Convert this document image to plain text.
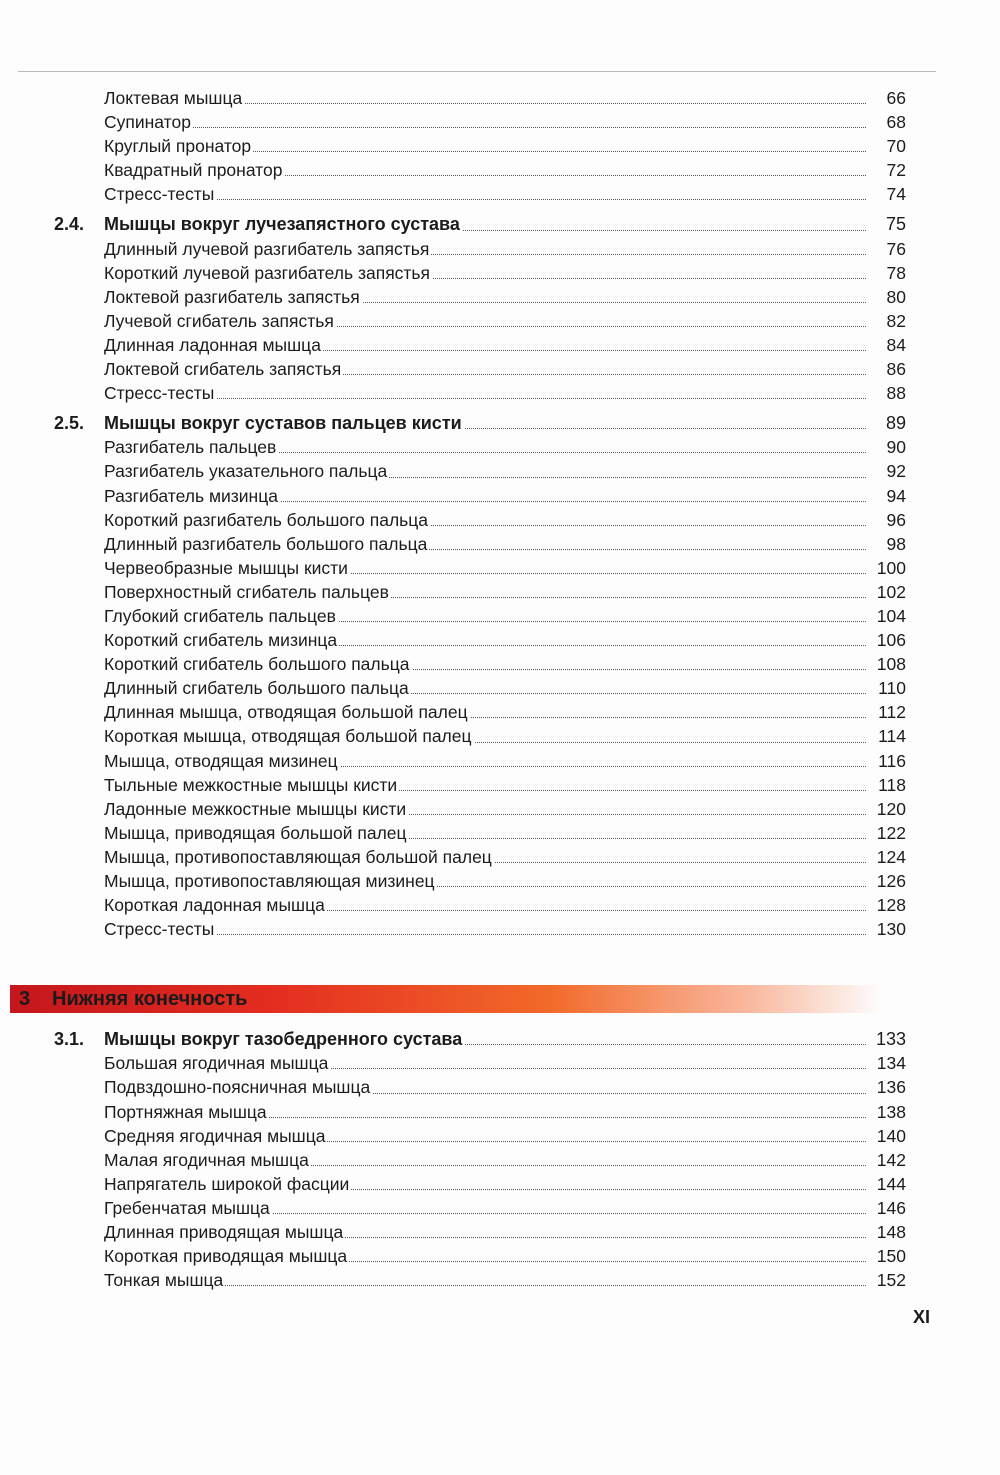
Локтевая мышца	66
Супинатор	68
Круглый пронатор	70
Квадратный пронатор	72
Стресс-тесты	74
2.4. Мышцы вокруг лучезапястного сустава	75
Длинный лучевой разгибатель запястья	76
Короткий лучевой разгибатель запястья	78
Локтевой разгибатель запястья	80
Лучевой сгибатель запястья	82
Длинная ладонная мышца	84
Локтевой сгибатель запястья	86
Стресс-тесты	88
2.5. Мышцы вокруг суставов пальцев кисти	89
Разгибатель пальцев	90
Разгибатель указательного пальца	92
Разгибатель мизинца	94
Короткий разгибатель большого пальца	96
Длинный разгибатель большого пальца	98
Червеобразные мышцы кисти	100
Поверхностный сгибатель пальцев	102
Глубокий сгибатель пальцев	104
Короткий сгибатель мизинца	106
Короткий сгибатель большого пальца	108
Длинный сгибатель большого пальца	110
Длинная мышца, отводящая большой палец	112
Короткая мышца, отводящая большой палец	114
Мышца, отводящая мизинец	116
Тыльные межкостные мышцы кисти	118
Ладонные межкостные мышцы кисти	120
Мышца, приводящая большой палец	122
Мышца, противопоставляющая большой палец	124
Мышца, противопоставляющая мизинец	126
Короткая ладонная мышца	128
Стресс-тесты	130
3 Нижняя конечность
3.1. Мышцы вокруг тазобедренного сустава	133
Большая ягодичная мышца	134
Подвздошно-поясничная мышца	136
Портняжная мышца	138
Средняя ягодичная мышца	140
Малая ягодичная мышца	142
Напрягатель широкой фасции	144
Гребенчатая мышца	146
Длинная приводящая мышца	148
Короткая приводящая мышца	150
Тонкая мышца	152
XI
